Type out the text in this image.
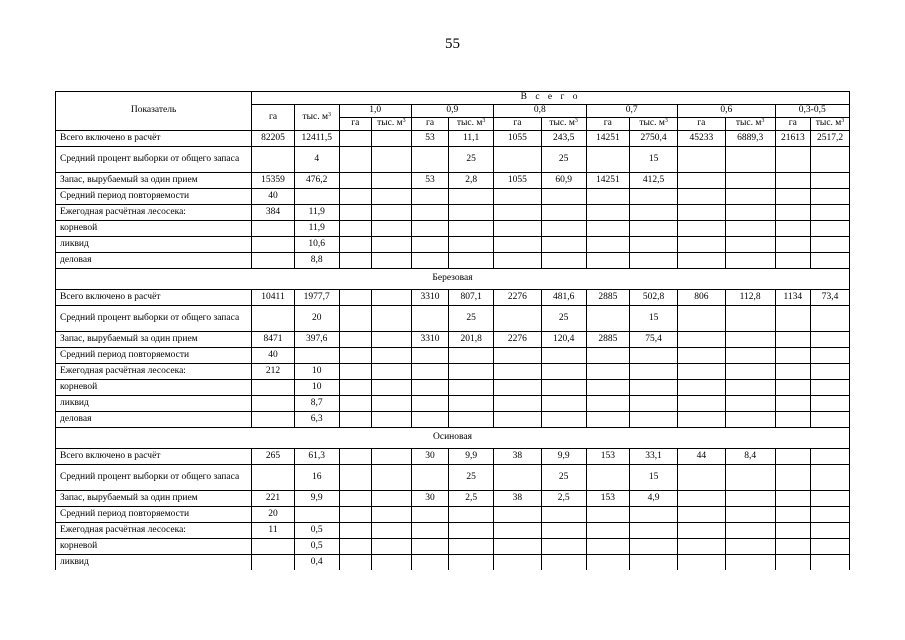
55
Показатель	В с е г о													
	га	тыс. $м^3$	1,0		0,9		0,8		0,7		0,6		0,3-0,5	
			га	тыс. $м^3$	га	тыс. $м^3$	га	тыс. $м^3$	га	тыс. $м^3$	га	тыс. $м^3$	га	тыс. $м^3$
Всего включено в расчёт	82205	12411,5			53	11,1	1055	243,5	14251	2750,4	45233	6889,3	21613	2517,2
Средний процент выборки от общего запаса		4				25		25		15				
Запас, вырубаемый за один прием	15359	476,2			53	2,8	1055	60,9	14251	412,5				
Средний период повторяемости	40													
Ежегодная расчётная лесосека:	384	11,9												
корневой		11,9												
ликвид		10,6												
деловая		8,8												
Березовая														
Всего включено в расчёт	10411	1977,7			3310	807,1	2276	481,6	2885	502,8	806	112,8	1134	73,4
Средний процент выборки от общего запаса		20				25		25		15				
Запас, вырубаемый за один прием	8471	397,6			3310	201,8	2276	120,4	2885	75,4				
Средний период повторяемости	40													
Ежегодная расчётная лесосека:	212	10												
корневой		10												
ликвид		8,7												
деловая		6,3												
Осиновая														
Всего включено в расчёт	265	61,3			30	9,9	38	9,9	153	33,1	44	8,4		
Средний процент выборки от общего запаса		16				25		25		15				
Запас, вырубаемый за один прием	221	9,9			30	2,5	38	2,5	153	4,9				
Средний период повторяемости	20													
Ежегодная расчётная лесосека:	11	0,5												
корневой		0,5												
ликвид		0,4												
